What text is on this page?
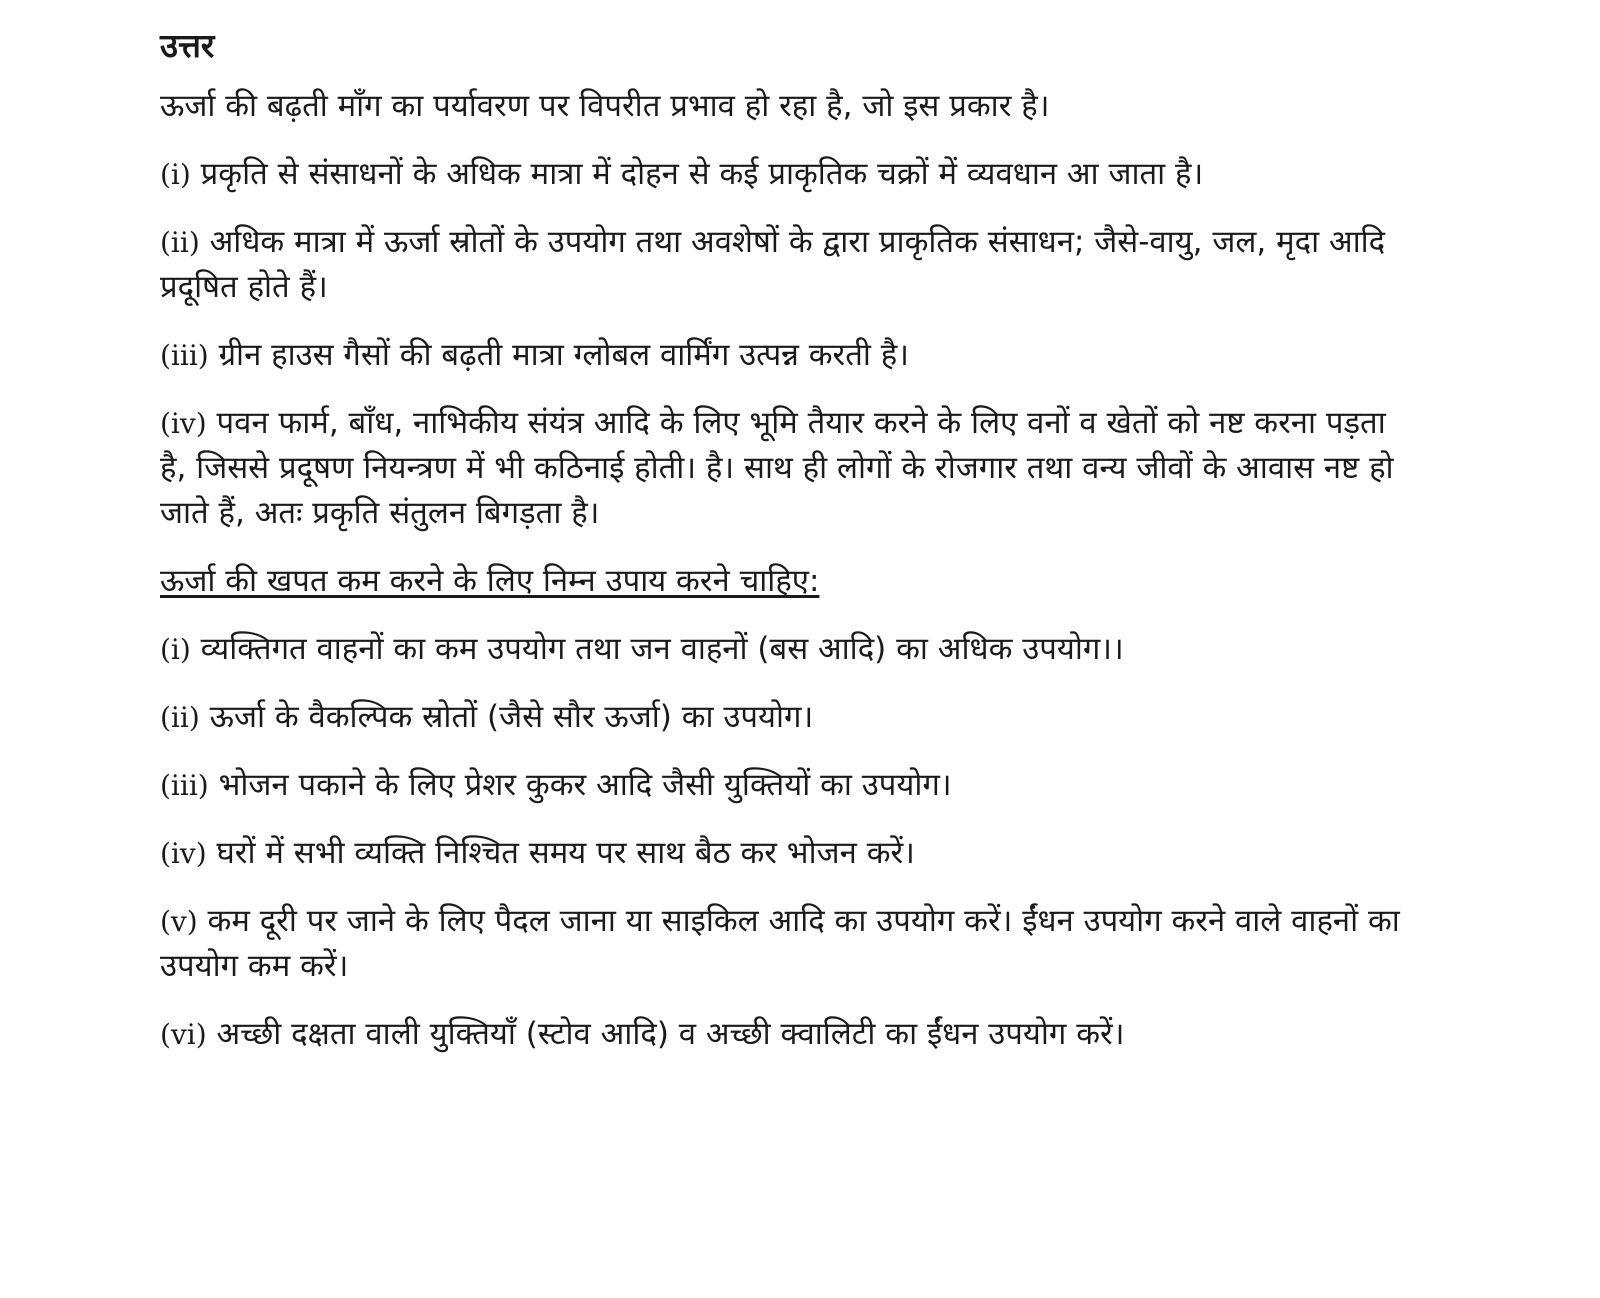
उत्तर

ऊर्जा की बढ़ती माँग का पर्यावरण पर विपरीत प्रभाव हो रहा है, जो इस प्रकार है।

(i) प्रकृति से संसाधनों के अधिक मात्रा में दोहन से कई प्राकृतिक चक्रों में व्यवधान आ जाता है।

(ii) अधिक मात्रा में ऊर्जा स्रोतों के उपयोग तथा अवशेषों के द्वारा प्राकृतिक संसाधन; जैसे-वायु, जल, मृदा आदि प्रदूषित होते हैं।

(iii) ग्रीन हाउस गैसों की बढ़ती मात्रा ग्लोबल वार्मिंग उत्पन्न करती है।

(iv) पवन फार्म, बाँध, नाभिकीय संयंत्र आदि के लिए भूमि तैयार करने के लिए वनों व खेतों को नष्ट करना पड़ता है, जिससे प्रदूषण नियन्त्रण में भी कठिनाई होती। है। साथ ही लोगों के रोजगार तथा वन्य जीवों के आवास नष्ट हो जाते हैं, अतः प्रकृति संतुलन बिगड़ता है।

ऊर्जा की खपत कम करने के लिए निम्न उपाय करने चाहिए:

(i) व्यक्तिगत वाहनों का कम उपयोग तथा जन वाहनों (बस आदि) का अधिक उपयोग।।

(ii) ऊर्जा के वैकल्पिक स्रोतों (जैसे सौर ऊर्जा) का उपयोग।

(iii) भोजन पकाने के लिए प्रेशर कुकर आदि जैसी युक्तियों का उपयोग।

(iv) घरों में सभी व्यक्ति निश्चित समय पर साथ बैठ कर भोजन करें।

(v) कम दूरी पर जाने के लिए पैदल जाना या साइकिल आदि का उपयोग करें। ईंधन उपयोग करने वाले वाहनों का उपयोग कम करें।

(vi) अच्छी दक्षता वाली युक्तियाँ (स्टोव आदि) व अच्छी क्वालिटी का ईंधन उपयोग करें।
